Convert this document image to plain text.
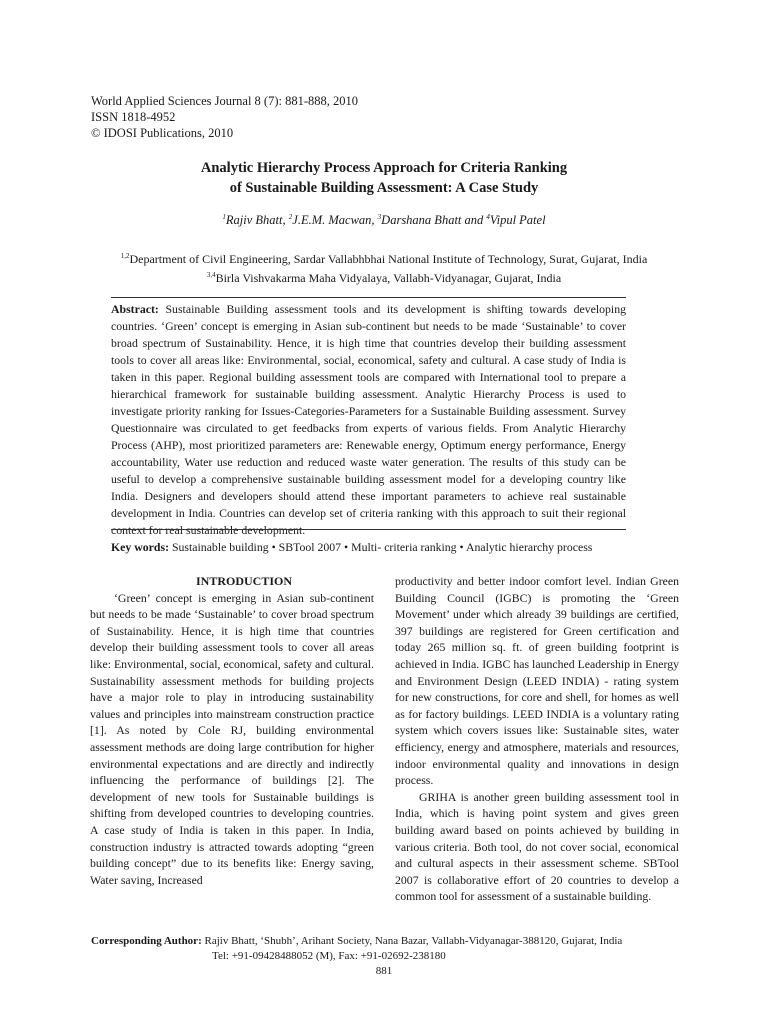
World Applied Sciences Journal 8 (7): 881-888, 2010
ISSN 1818-4952
© IDOSI Publications, 2010
Analytic Hierarchy Process Approach for Criteria Ranking
of Sustainable Building Assessment: A Case Study
$^1$Rajiv Bhatt, $^2$J.E.M. Macwan, $^3$Darshana Bhatt and $^4$Vipul Patel
$^{1,2}$Department of Civil Engineering, Sardar Vallabhbhai National Institute of Technology, Surat, Gujarat, India
$^{3,4}$Birla Vishvakarma Maha Vidyalaya, Vallabh-Vidyanagar, Gujarat, India
Abstract: Sustainable Building assessment tools and its development is shifting towards developing countries. ‘Green’ concept is emerging in Asian sub-continent but needs to be made ‘Sustainable’ to cover broad spectrum of Sustainability. Hence, it is high time that countries develop their building assessment tools to cover all areas like: Environmental, social, economical, safety and cultural. A case study of India is taken in this paper. Regional building assessment tools are compared with International tool to prepare a hierarchical framework for sustainable building assessment. Analytic Hierarchy Process is used to investigate priority ranking for Issues-Categories-Parameters for a Sustainable Building assessment. Survey Questionnaire was circulated to get feedbacks from experts of various fields. From Analytic Hierarchy Process (AHP), most prioritized parameters are: Renewable energy, Optimum energy performance, Energy accountability, Water use reduction and reduced waste water generation. The results of this study can be useful to develop a comprehensive sustainable building assessment model for a developing country like India. Designers and developers should attend these important parameters to achieve real sustainable development in India. Countries can develop set of criteria ranking with this approach to suit their regional context for real sustainable development.
Key words: Sustainable building • SBTool 2007 • Multi- criteria ranking • Analytic hierarchy process

INTRODUCTION

‘Green’ concept is emerging in Asian sub-continent but needs to be made ‘Sustainable’ to cover broad spectrum of Sustainability. Hence, it is high time that countries develop their building assessment tools to cover all areas like: Environmental, social, economical, safety and cultural. Sustainability assessment methods for building projects have a major role to play in introducing sustainability values and principles into mainstream construction practice [1]. As noted by Cole RJ, building environmental assessment methods are doing large contribution for higher environmental expectations and are directly and indirectly influencing the performance of buildings [2]. The development of new tools for Sustainable buildings is shifting from developed countries to developing countries. A case study of India is taken in this paper. In India, construction industry is attracted towards adopting “green building concept” due to its benefits like: Energy saving, Water saving, Increased

productivity and better indoor comfort level. Indian Green Building Council (IGBC) is promoting the ‘Green Movement’ under which already 39 buildings are certified, 397 buildings are registered for Green certification and today 265 million sq. ft. of green building footprint is achieved in India. IGBC has launched Leadership in Energy and Environment Design (LEED INDIA) - rating system for new constructions, for core and shell, for homes as well as for factory buildings. LEED INDIA is a voluntary rating system which covers issues like: Sustainable sites, water efficiency, energy and atmosphere, materials and resources, indoor environmental quality and innovations in design process.

GRIHA is another green building assessment tool in India, which is having point system and gives green building award based on points achieved by building in various criteria. Both tool, do not cover social, economical and cultural aspects in their assessment scheme. SBTool 2007 is collaborative effort of 20 countries to develop a common tool for assessment of a sustainable building.

Corresponding Author: Rajiv Bhatt, ‘Shubh’, Arihant Society, Nana Bazar, Vallabh-Vidyanagar-388120, Gujarat, India
Tel: +91-09428488052 (M), Fax: +91-02692-238180
881
